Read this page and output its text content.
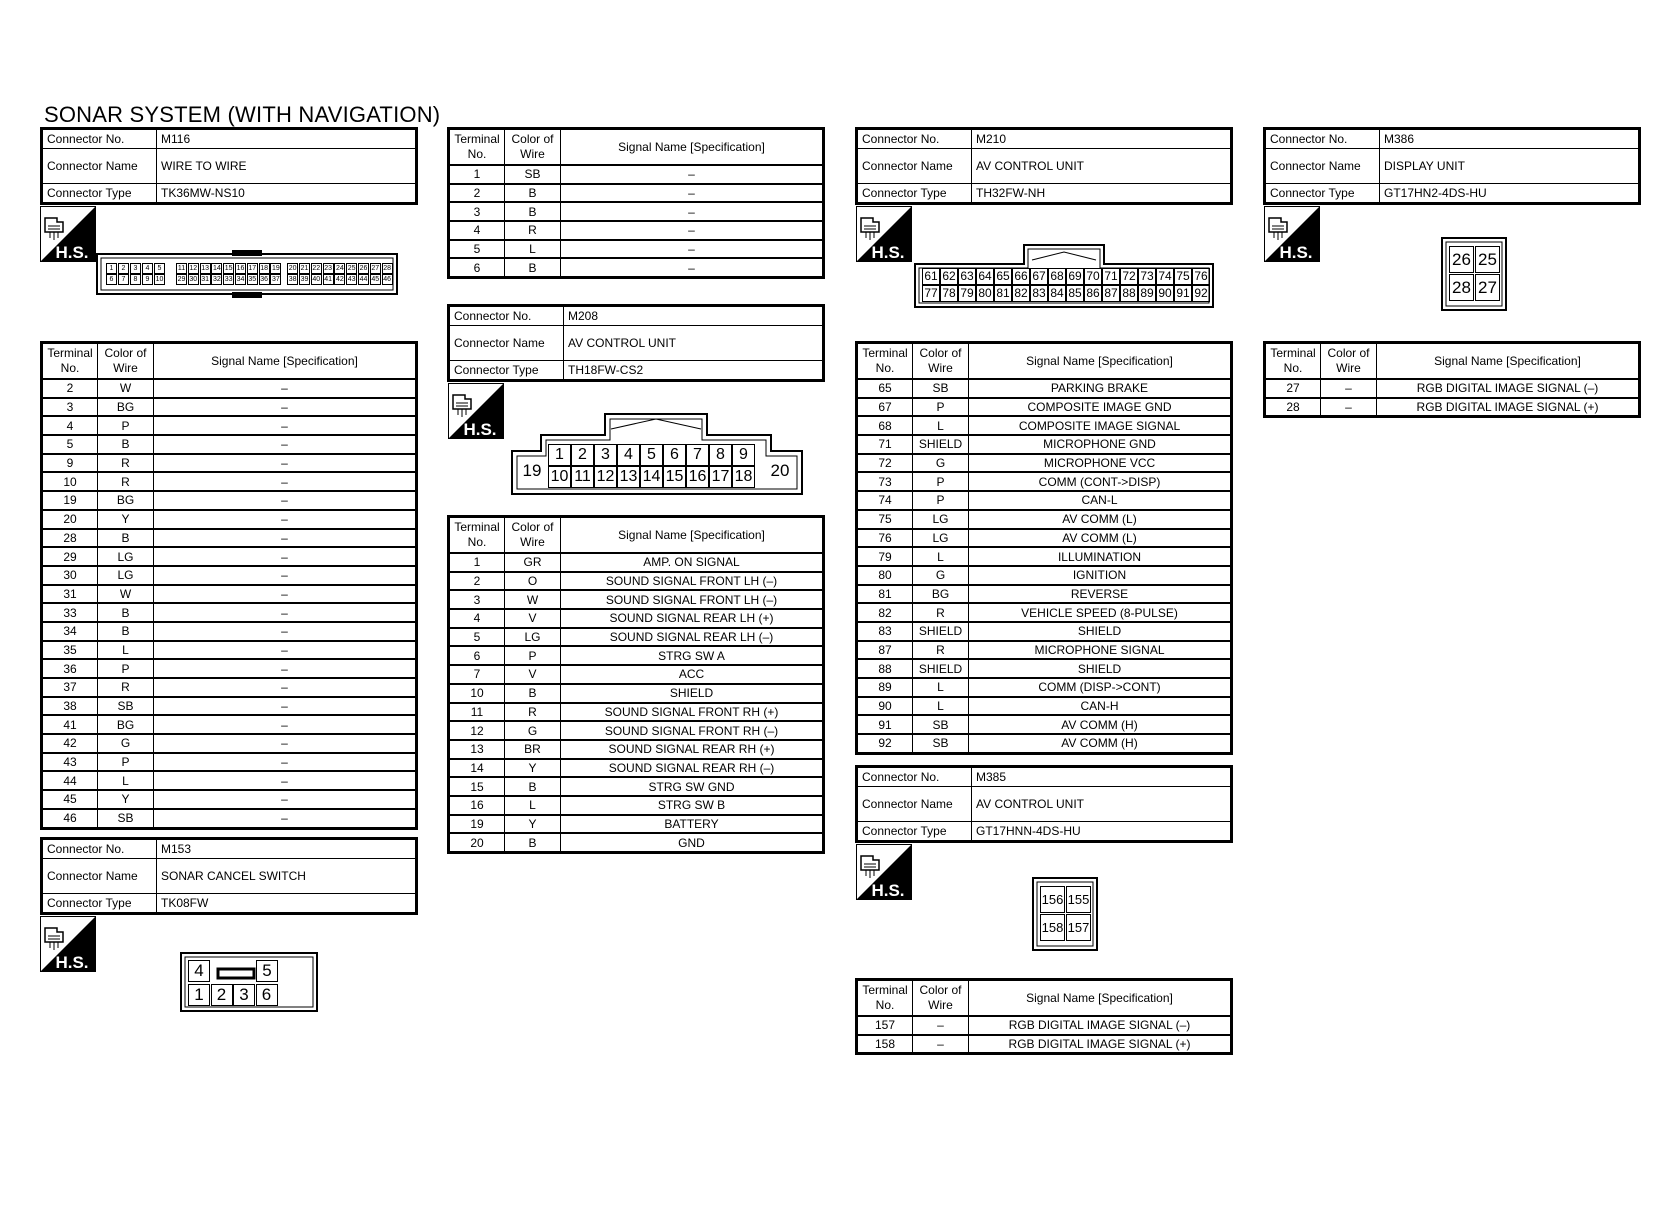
SONAR SYSTEM (WITH NAVIGATION)
Connector No.	M116
Connector Name	WIRE TO WIRE
Connector Type	TK36MW-NS10
H.S.
1	2	3	4	5	11 12 13 14 15 16 17 18 19 20 21 22 23 24 25 26 27 28
6	7	8	9 10 29 30 31 32 33 34 35 36 37 38 39 40 41 42 43 44 45 46
Terminal No.	Color of Wire	Signal Name [Specification]
2	W	–
3	BG	–
4	P	–
5	B	–
9	R	–
10	R	–
19	BG	–
20	Y	–
28	B	–
29	LG	–
30	LG	–
31	W	–
33	B	–
34	B	–
35	L	–
36	P	–
37	R	–
38	SB	–
41	BG	–
42	G	–
43	P	–
44	L	–
45	Y	–
46	SB	–
Connector No.	M153
Connector Name	SONAR CANCEL SWITCH
Connector Type	TK08FW
H.S.	4	5
1 2 3 6
Terminal No.	Color of Wire	Signal Name [Specification]
1	SB	–
2	B	–
3	B	–
4	R	–
5	L	–
6	B	–
Connector No.	M208
Connector Name	AV CONTROL UNIT
Connector Type	TH18FW-CS2
H.S.
1 2 3 4 5 6 7 8 9
10 11 12 13 14 15 16 17 18
19	20
Terminal No.	Color of Wire	Signal Name [Specification]
1	GR	AMP. ON SIGNAL
2	O	SOUND SIGNAL FRONT LH (–)
3	W	SOUND SIGNAL FRONT LH (–)
4	V	SOUND SIGNAL REAR LH (+)
5	LG	SOUND SIGNAL REAR LH (–)
6	P	STRG SW A
7	V	ACC
10	B	SHIELD
11	R	SOUND SIGNAL FRONT RH (+)
12	G	SOUND SIGNAL FRONT RH (–)
13	BR	SOUND SIGNAL REAR RH (+)
14	Y	SOUND SIGNAL REAR RH (–)
15	B	STRG SW GND
16	L	STRG SW B
19	Y	BATTERY
20	B	GND
Connector No.	M210
Connector Name	AV CONTROL UNIT
Connector Type	TH32FW-NH
H.S.
61 62 63 64 65 66 67 68 69 70 71 72 73 74 75 76
77 78 79 80 81 82 83 84 85 86 87 88 89 90 91 92
Terminal No.	Color of Wire	Signal Name [Specification]
65	SB	PARKING BRAKE
67	P	COMPOSITE IMAGE GND
68	L	COMPOSITE IMAGE SIGNAL
71	SHIELD	MICROPHONE GND
72	G	MICROPHONE VCC
73	P	COMM (CONT->DISP)
74	P	CAN-L
75	LG	AV COMM (L)
76	LG	AV COMM (L)
79	L	ILLUMINATION
80	G	IGNITION
81	BG	REVERSE
82	R	VEHICLE SPEED (8-PULSE)
83	SHIELD	SHIELD
87	R	MICROPHONE SIGNAL
88	SHIELD	SHIELD
89	L	COMM (DISP->CONT)
90	L	CAN-H
91	SB	AV COMM (H)
92	SB	AV COMM (H)
Connector No.	M385
Connector Name	AV CONTROL UNIT
Connector Type	GT17HNN-4DS-HU
H.S.	156 155
158 157
Terminal No.	Color of Wire	Signal Name [Specification]
157	–	RGB DIGITAL IMAGE SIGNAL (–)
158	–	RGB DIGITAL IMAGE SIGNAL (+)
Connector No.	M386
Connector Name	DISPLAY UNIT
Connector Type	GT17HN2-4DS-HU
H.S.	26 25
28 27
Terminal No.	Color of Wire	Signal Name [Specification]
27	–	RGB DIGITAL IMAGE SIGNAL (–)
28	–	RGB DIGITAL IMAGE SIGNAL (+)
